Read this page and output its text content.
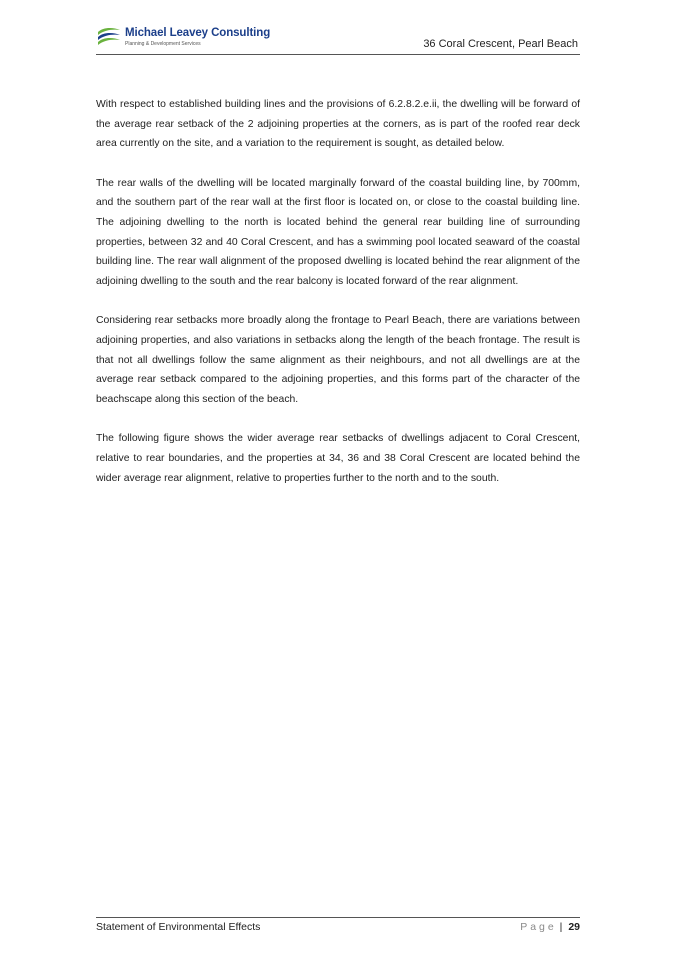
Michael Leavey Consulting
Planning & Development Services	36 Coral Crescent, Pearl Beach

With respect to established building lines and the provisions of 6.2.8.2.e.ii, the dwelling will be forward of the average rear setback of the 2 adjoining properties at the corners, as is part of the roofed rear deck area currently on the site, and a variation to the requirement is sought, as detailed below.

The rear walls of the dwelling will be located marginally forward of the coastal building line, by 700mm, and the southern part of the rear wall at the first floor is located on, or close to the coastal building line. The adjoining dwelling to the north is located behind the general rear building line of surrounding properties, between 32 and 40 Coral Crescent, and has a swimming pool located seaward of the coastal building line. The rear wall alignment of the proposed dwelling is located behind the rear alignment of the adjoining dwelling to the south and the rear balcony is located forward of the rear alignment.

Considering rear setbacks more broadly along the frontage to Pearl Beach, there are variations between adjoining properties, and also variations in setbacks along the length of the beach frontage. The result is that not all dwellings follow the same alignment as their neighbours, and not all dwellings are at the average rear setback compared to the adjoining properties, and this forms part of the character of the beachscape along this section of the beach.

The following figure shows the wider average rear setbacks of dwellings adjacent to Coral Crescent, relative to rear boundaries, and the properties at 34, 36 and 38 Coral Crescent are located behind the wider average rear alignment, relative to properties further to the north and to the south.

Statement of Environmental Effects	Page | 29
